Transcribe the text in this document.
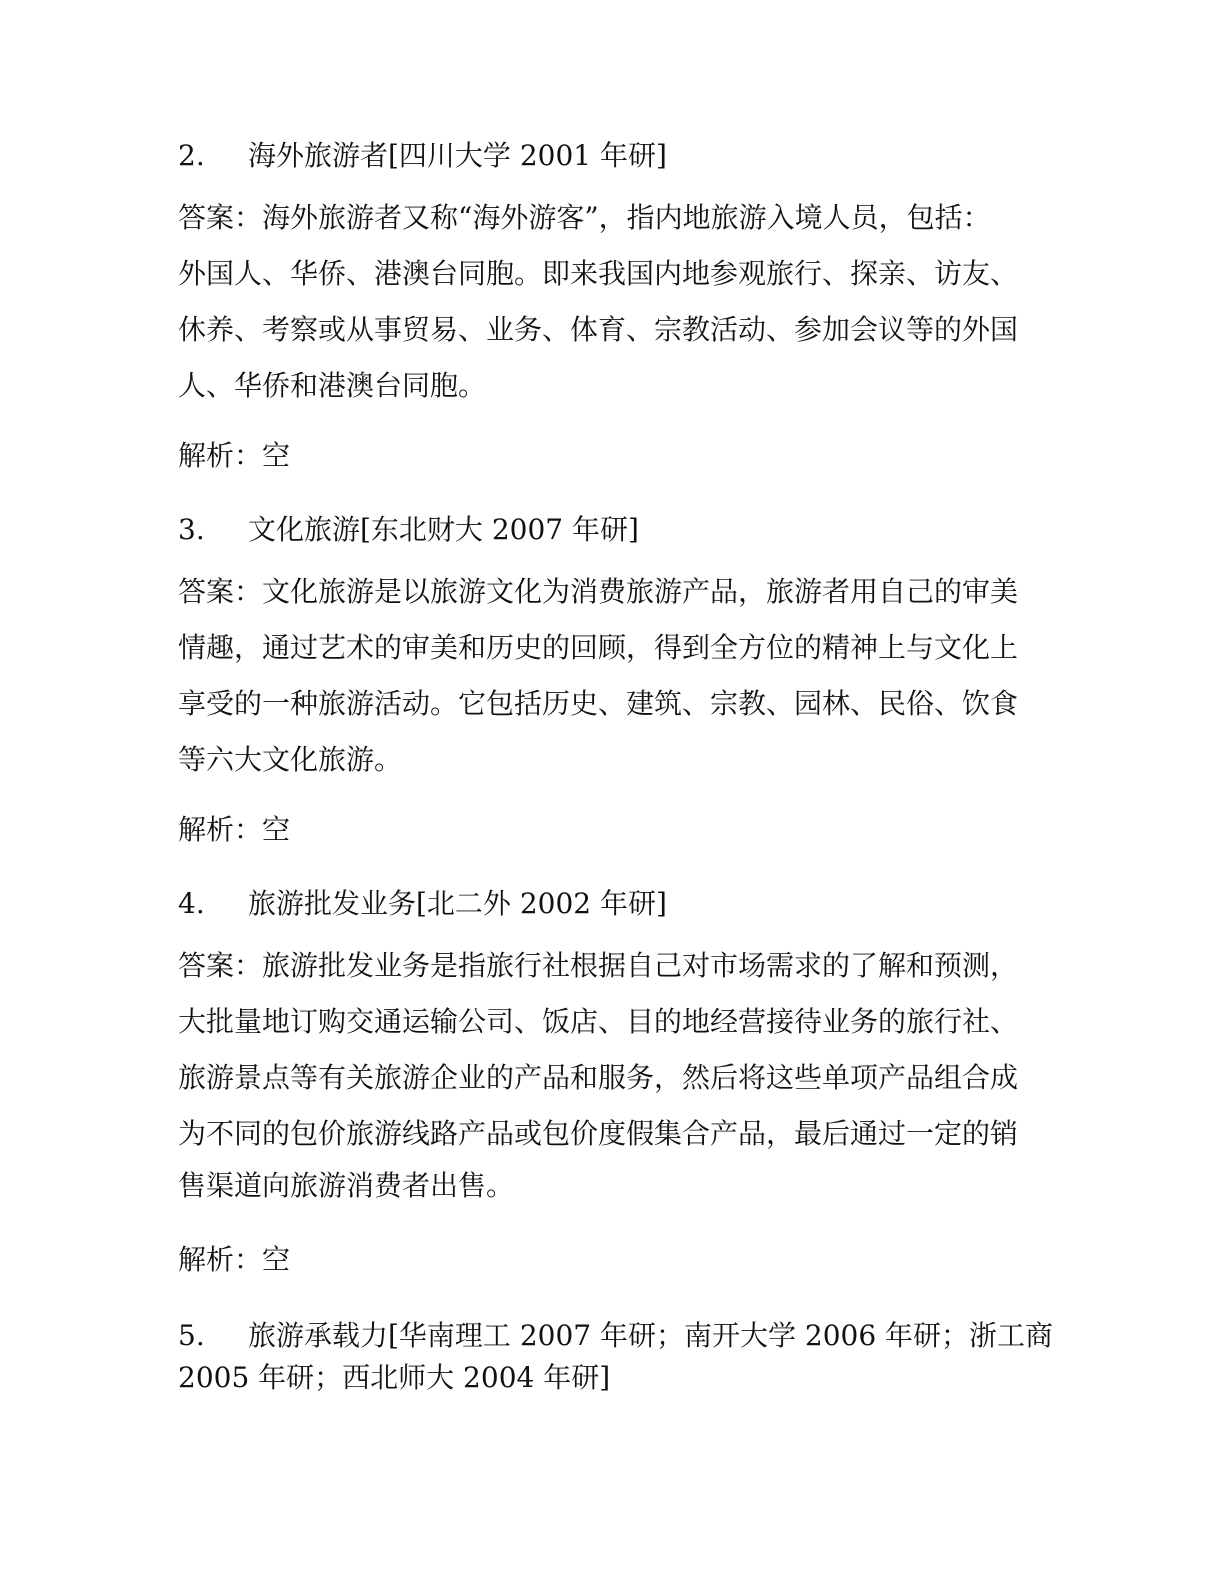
2. 海外旅游者[四川大学 2001 年研]
答案：海外旅游者又称“海外游客”，指内地旅游入境人员，包括：
外国人、华侨、港澳台同胞。即来我国内地参观旅行、探亲、访友、
休养、考察或从事贸易、业务、体育、宗教活动、参加会议等的外国
人、华侨和港澳台同胞。
解析：空
3. 文化旅游[东北财大 2007 年研]
答案：文化旅游是以旅游文化为消费旅游产品，旅游者用自己的审美
情趣，通过艺术的审美和历史的回顾，得到全方位的精神上与文化上
享受的一种旅游活动。它包括历史、建筑、宗教、园林、民俗、饮食
等六大文化旅游。
解析：空
4. 旅游批发业务[北二外 2002 年研]
答案：旅游批发业务是指旅行社根据自己对市场需求的了解和预测，
大批量地订购交通运输公司、饭店、目的地经营接待业务的旅行社、
旅游景点等有关旅游企业的产品和服务，然后将这些单项产品组合成
为不同的包价旅游线路产品或包价度假集合产品，最后通过一定的销
售渠道向旅游消费者出售。
解析：空
5. 旅游承载力[华南理工 2007 年研；南开大学 2006 年研；浙工商
2005 年研；西北师大 2004 年研]
